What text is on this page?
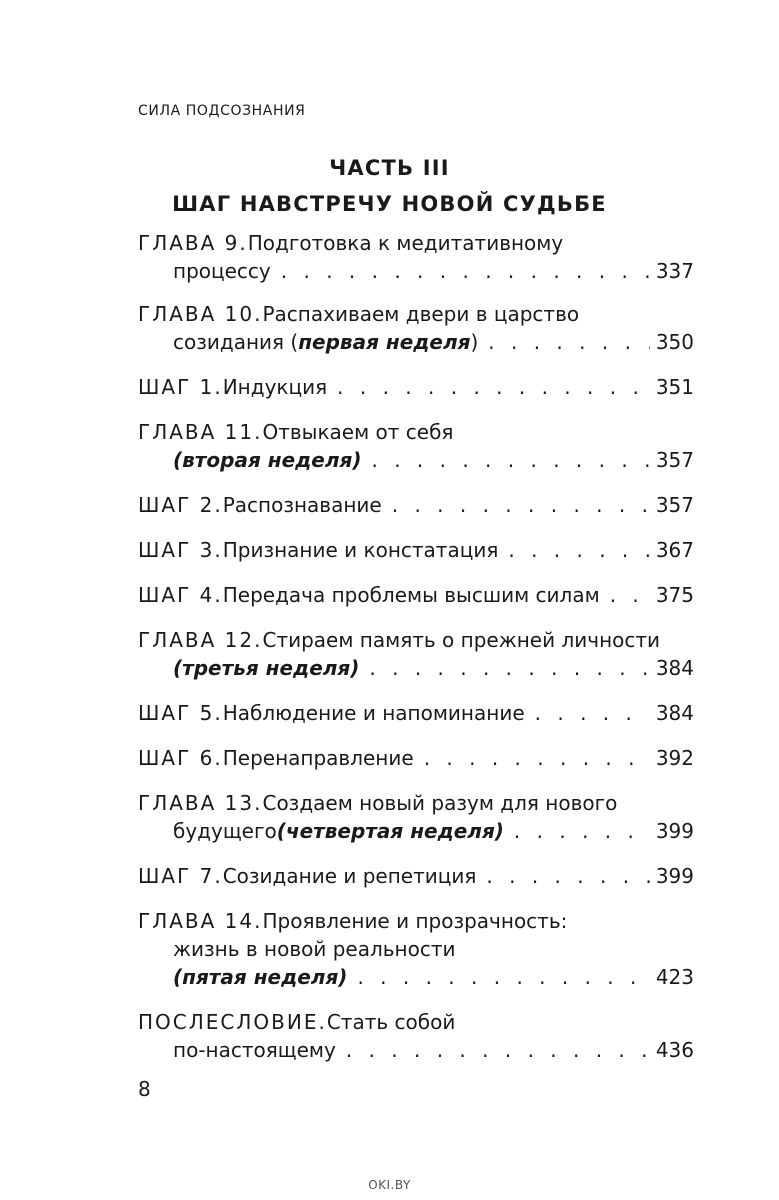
СИЛА ПОДСОЗНАНИЯ
ЧАСТЬ III
ШАГ НАВСТРЕЧУ НОВОЙ СУДЬБЕ
ГЛАВА 9. Подготовка к медитативному
процессу . . .	337
ГЛАВА 10. Распахиваем двери в царство
созидания ( первая неделя ) . . .	350
ШАГ 1. Индукция . . .	351
ГЛАВА 11. Отвыкаем от себя
(вторая неделя) . . .	357
ШАГ 2. Распознавание . . .	357
ШАГ 3. Признание и констатация . . .	367
ШАГ 4. Передача проблемы высшим силам . . .	375
ГЛАВА 12. Стираем память о прежней личности
(третья неделя) . . .	384
ШАГ 5. Наблюдение и напоминание . . .	384
ШАГ 6. Перенаправление . . .	392
ГЛАВА 13. Создаем новый разум для нового
будущего (четвертая неделя) . . .	399
ШАГ 7. Созидание и репетиция . . .	399
ГЛАВА 14. Проявление и прозрачность:
жизнь в новой реальности
(пятая неделя) . . .	423
ПОСЛЕСЛОВИЕ. Стать собой
по-настоящему . . .	436
8
OKI.BY
